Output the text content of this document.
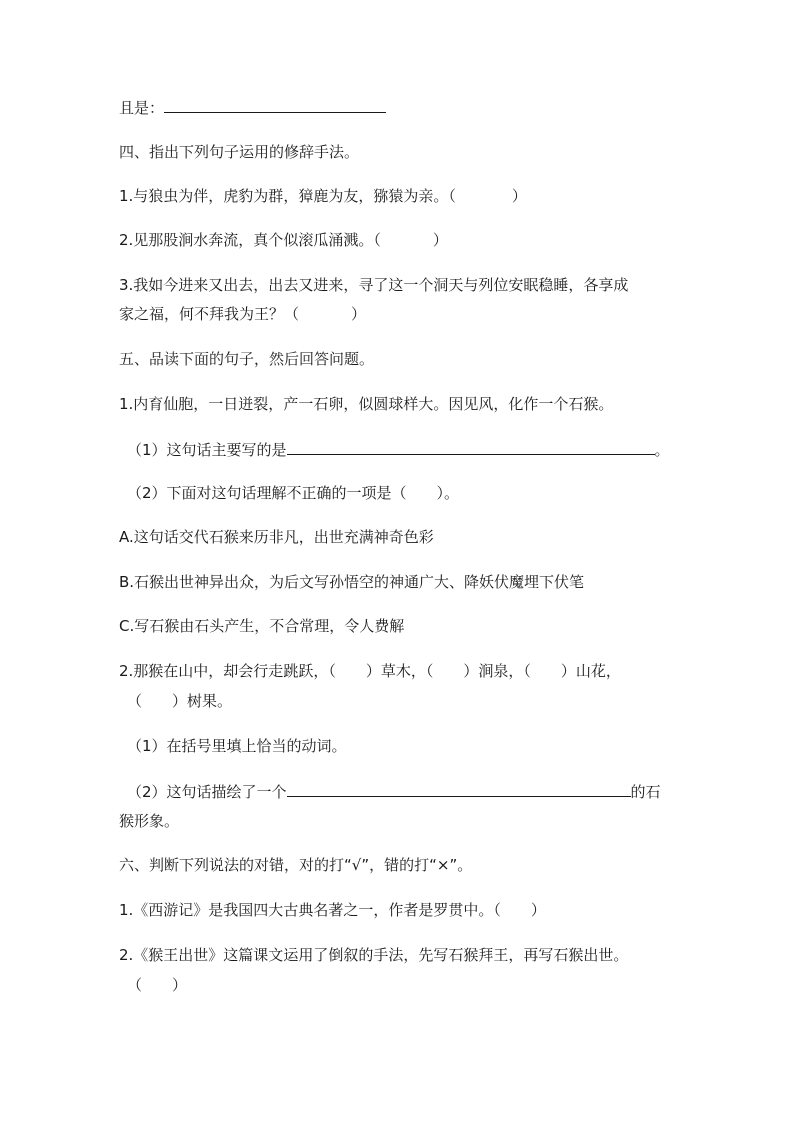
且是：
四、指出下列句子运用的修辞手法。
1.与狼虫为伴，虎豹为群，獐鹿为友，猕猿为亲。（	）
2.见那股涧水奔流，真个似滚瓜涌溅。（	）
3.我如今进来又出去，出去又进来，寻了这一个洞天与列位安眠稳睡，各享成
家之福，何不拜我为王？（	）
五、品读下面的句子，然后回答问题。
1.内育仙胞，一日迸裂，产一石卵，似圆球样大。因见风，化作一个石猴。
（1）这句话主要写的是	。
（2）下面对这句话理解不正确的一项是（　　）。
A.这句话交代石猴来历非凡，出世充满神奇色彩
B.石猴出世神异出众，为后文写孙悟空的神通广大、降妖伏魔埋下伏笔
C.写石猴由石头产生，不合常理，令人费解
2.那猴在山中，却会行走跳跃，（　　）草木，（　　）涧泉，（　　）山花，
（　　）树果。
（1）在括号里填上恰当的动词。
（2）这句话描绘了一个	的石
猴形象。
六、判断下列说法的对错，对的打“√”，错的打“×”。
1.《西游记》是我国四大古典名著之一，作者是罗贯中。（　　）
2.《猴王出世》这篇课文运用了倒叙的手法，先写石猴拜王，再写石猴出世。
（　　）
